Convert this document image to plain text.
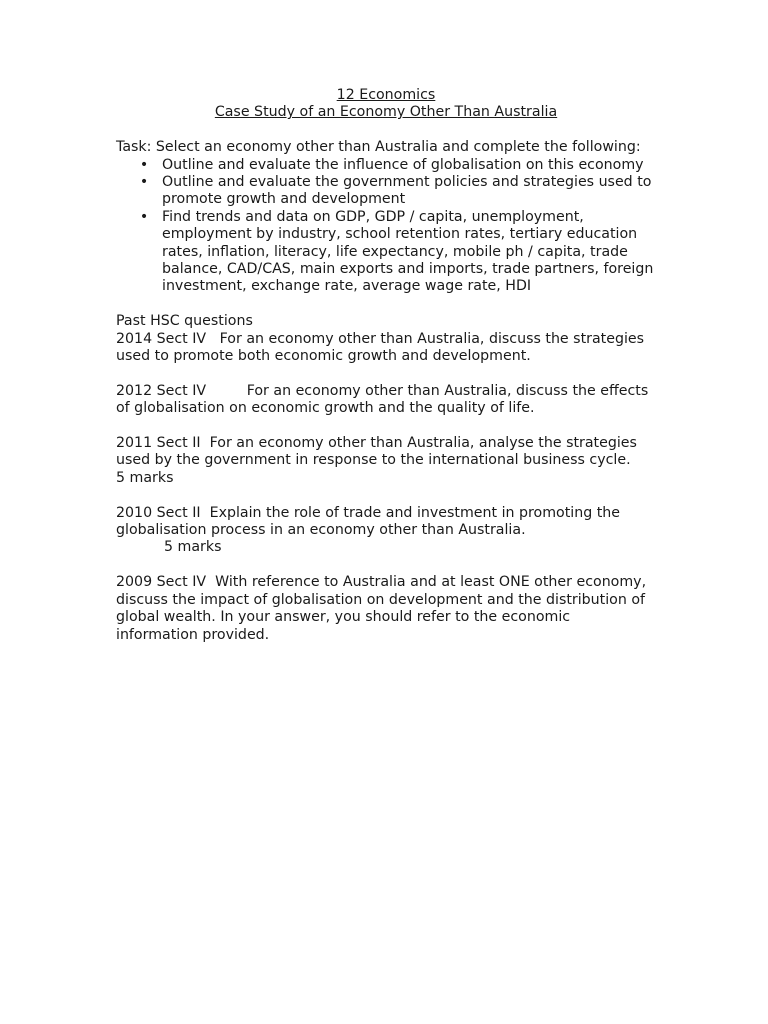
12 Economics
Case Study of an Economy Other Than Australia
Task: Select an economy other than Australia and complete the following:
• Outline and evaluate the influence of globalisation on this economy
• Outline and evaluate the government policies and strategies used to promote growth and development
• Find trends and data on GDP, GDP / capita, unemployment, employment by industry, school retention rates, tertiary education rates, inflation, literacy, life expectancy, mobile ph / capita, trade balance, CAD/CAS, main exports and imports, trade partners, foreign investment, exchange rate, average wage rate, HDI
Past HSC questions
2014 Sect IV   For an economy other than Australia, discuss the strategies used to promote both economic growth and development.
2012 Sect IV         For an economy other than Australia, discuss the effects of globalisation on economic growth and the quality of life.
2011 Sect II  For an economy other than Australia, analyse the strategies used by the government in response to the international business cycle.     5 marks
2010 Sect II  Explain the role of trade and investment in promoting the globalisation process in an economy other than Australia.
5 marks
2009 Sect IV  With reference to Australia and at least ONE other economy, discuss the impact of globalisation on development and the distribution of global wealth. In your answer, you should refer to the economic information provided.
